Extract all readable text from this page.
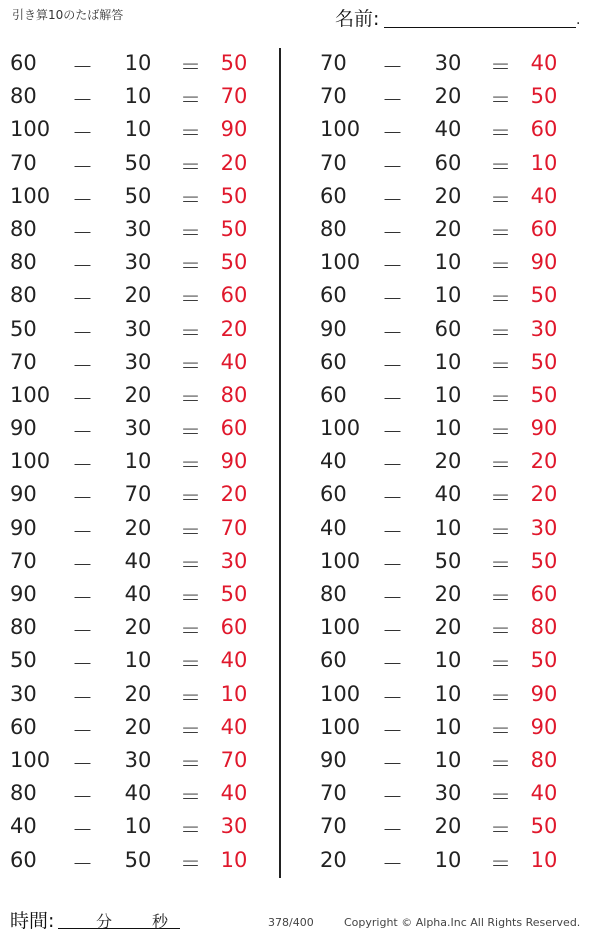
引き算10のたば解答	名前:	.
60	－ 10 ＝ 50
80	－ 10 ＝ 70
100	－ 10 ＝ 90
70	－ 50 ＝ 20
100	－ 50 ＝ 50
80	－ 30 ＝ 50
80	－ 30 ＝ 50
80	－ 20 ＝ 60
50	－ 30 ＝ 20
70	－ 30 ＝ 40
100	－ 20 ＝ 80
90	－ 30 ＝ 60
100	－ 10 ＝ 90
90	－ 70 ＝ 20
90	－ 20 ＝ 70
70	－ 40 ＝ 30
90	－ 40 ＝ 50
80	－ 20 ＝ 60
50	－ 10 ＝ 40
30	－ 20 ＝ 10
60	－ 20 ＝ 40
100	－ 30 ＝ 70
80	－ 40 ＝ 40
40	－ 10 ＝ 30
60	－ 50 ＝ 10
70	－ 30 ＝ 40
70	－ 20 ＝ 50
100	－ 40 ＝ 60
70	－ 60 ＝ 10
60	－ 20 ＝ 40
80	－ 20 ＝ 60
100	－ 10 ＝ 90
60	－ 10 ＝ 50
90	－ 60 ＝ 30
60	－ 10 ＝ 50
60	－ 10 ＝ 50
100	－ 10 ＝ 90
40	－ 20 ＝ 20
60	－ 40 ＝ 20
40	－ 10 ＝ 30
100	－ 50 ＝ 50
80	－ 20 ＝ 60
100	－ 20 ＝ 80
60	－ 10 ＝ 50
100	－ 10 ＝ 90
100	－ 10 ＝ 90
90	－ 10 ＝ 80
70	－ 30 ＝ 40
70	－ 20 ＝ 50
20	－ 10 ＝ 10
時間:	分 秒	378/400	Copyright © Alpha.Inc All Rights Reserved.
